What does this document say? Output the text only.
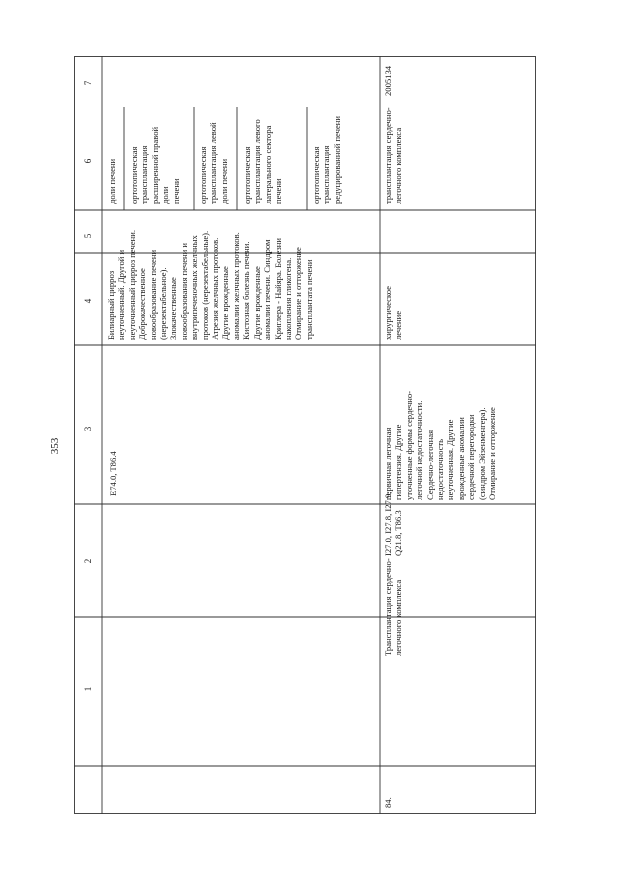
353
7
6
5
4
3
2
1
E74.0, T86.4
Билиарный цирроз
неуточненный. Другой и
неуточненный цирроз печени.
Доброкачественное
новообразование печени
(нерезектабельное).
Злокачественные
новообразования печени и
внутрипеченочных желчных
протоков (нерезектабельные).
Атрезия желчных протоков.
Другие врожденные
аномалии желчных протоков.
Кистозная болезнь печени.
Другие врожденные
аномалии печени. Синдром
Криглера - Найяра. Болезни
накопления гликогена.
Отмирание и отторжение
трансплантата печени
доли печени ортотопическая
трансплантация
расширенной правой доли
печени ортотопическая
трансплантация левой
доли печени ортотопическая
трансплантация левого
латерального сектора
печени	ортотопическая
трансплантация
редуцированной печени
84.
Трансплантация сердечно-
легочного комплекса
I27.0, I27.8, I27.9,
Q21.8, T86.3
первичная легочная
гипертензия. Другие
уточненные формы сердечно-
легочной недостаточности.
Сердечно-легочная
недостаточность
неуточненная. Другие
врожденные аномалии
сердечной перегородки
(синдром Эйзенменгера).
Отмирание и отторжение
хирургическое
лечение
трансплантация сердечно-
легочного комплекса
2005134
